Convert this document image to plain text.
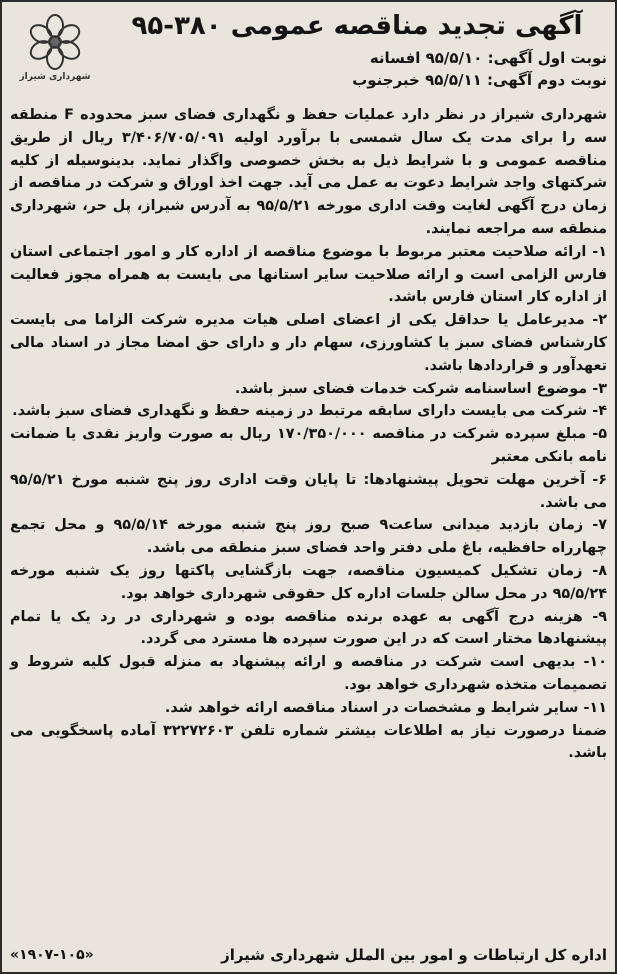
آگهی تجدید مناقصه عمومی ۳۸۰-۹۵
نوبت اول آگهی: ۹۵/۵/۱۰ افسانه
نوبت دوم آگهی: ۹۵/۵/۱۱ خبرجنوب
شهرداری شیراز

شهرداری شیراز در نظر دارد عملیات حفظ و نگهداری فضای سبز محدوده F منطقه سه را برای مدت یک سال شمسی با برآورد اولیه ۳/۴۰۶/۷۰۵/۰۹۱ ریال از طریق مناقصه عمومی و با شرایط ذیل به بخش خصوصی واگذار نماید. بدینوسیله از کلیه شرکتهای واجد شرایط دعوت به عمل می آید. جهت اخذ اوراق و شرکت در مناقصه از زمان درج آگهی لغایت وقت اداری مورخه ۹۵/۵/۲۱ به آدرس شیراز، پل حر، شهرداری منطقه سه مراجعه نمایند.

۱- ارائه صلاحیت معتبر مربوط با موضوع مناقصه از اداره کار و امور اجتماعی استان فارس الزامی است و ارائه صلاحیت سایر استانها می بایست به همراه مجوز فعالیت از اداره کار استان فارس باشد.

۲- مدیرعامل یا حداقل یکی از اعضای اصلی هیات مدیره شرکت الزاما می بایست کارشناس فضای سبز یا کشاورزی، سهام دار و دارای حق امضا مجاز در اسناد مالی تعهدآور و قراردادها باشد.

۳- موضوع اساسنامه شرکت خدمات فضای سبز باشد.

۴- شرکت می بایست دارای سابقه مرتبط در زمینه حفظ و نگهداری فضای سبز باشد.

۵- مبلغ سپرده شرکت در مناقصه ۱۷۰/۳۵۰/۰۰۰ ریال به صورت واریز نقدی یا ضمانت نامه بانکی معتبر

۶- آخرین مهلت تحویل پیشنهادها: تا پایان وقت اداری روز پنج شنبه مورخ ۹۵/۵/۲۱ می باشد.

۷- زمان بازدید میدانی ساعت۹ صبح روز پنج شنبه مورخه ۹۵/۵/۱۴ و محل تجمع چهارراه حافظیه، باغ ملی دفتر واحد فضای سبز منطقه می باشد.

۸- زمان تشکیل کمیسیون مناقصه، جهت بازگشایی پاکتها روز یک شنبه مورخه ۹۵/۵/۲۴ در محل سالن جلسات اداره کل حقوقی شهرداری خواهد بود.

۹- هزینه درج آگهی به عهده برنده مناقصه بوده و شهرداری در رد یک یا تمام پیشنهادها مختار است که در این صورت سپرده ها مسترد می گردد.

۱۰- بدیهی است شرکت در مناقصه و ارائه پیشنهاد به منزله قبول کلیه شروط و تصمیمات متخذه شهرداری خواهد بود.

۱۱- سایر شرایط و مشخصات در اسناد مناقصه ارائه خواهد شد.

ضمنا درصورت نیاز به اطلاعات بیشتر شماره تلفن ۳۲۲۷۲۶۰۳ آماده پاسخگویی می باشد.

اداره کل ارتباطات و امور بین الملل شهرداری شیراز
«۱۹۰۷-۱۰۵»
